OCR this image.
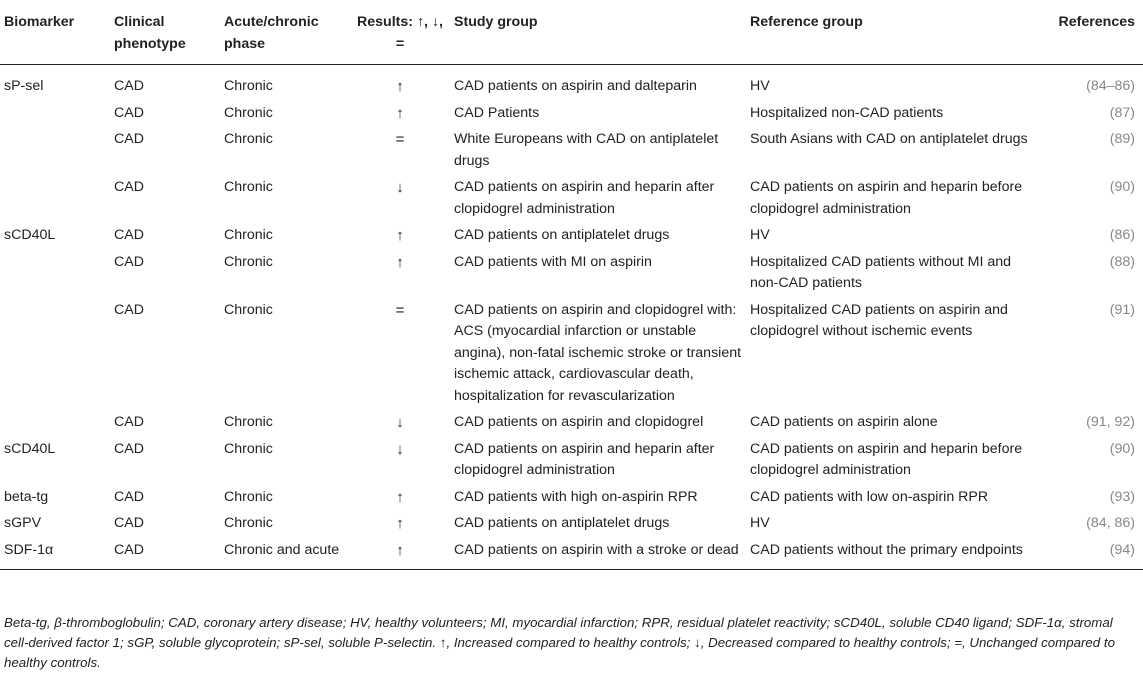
Biomarker	Clinical phenotype	Acute/chronic phase	Results: ↑, ↓, =	Study group	Reference group	References
sP-sel	CAD	Chronic	↑	CAD patients on aspirin and dalteparin	HV	(84–86)
	CAD	Chronic	↑	CAD Patients	Hospitalized non-CAD patients	(87)
	CAD	Chronic	=	White Europeans with CAD on antiplatelet drugs	South Asians with CAD on antiplatelet drugs	(89)
	CAD	Chronic	↓	CAD patients on aspirin and heparin after clopidogrel administration	CAD patients on aspirin and heparin before clopidogrel administration	(90)
sCD40L	CAD	Chronic	↑	CAD patients on antiplatelet drugs	HV	(86)
	CAD	Chronic	↑	CAD patients with MI on aspirin	Hospitalized CAD patients without MI and non-CAD patients	(88)
	CAD	Chronic	=	CAD patients on aspirin and clopidogrel with: ACS (myocardial infarction or unstable angina), non-fatal ischemic stroke or transient ischemic attack, cardiovascular death, hospitalization for revascularization	Hospitalized CAD patients on aspirin and clopidogrel without ischemic events	(91)
	CAD	Chronic	↓	CAD patients on aspirin and clopidogrel	CAD patients on aspirin alone	(91, 92)
sCD40L	CAD	Chronic	↓	CAD patients on aspirin and heparin after clopidogrel administration	CAD patients on aspirin and heparin before clopidogrel administration	(90)
beta-tg	CAD	Chronic	↑	CAD patients with high on-aspirin RPR	CAD patients with low on-aspirin RPR	(93)
sGPV	CAD	Chronic	↑	CAD patients on antiplatelet drugs	HV	(84, 86)
SDF-1α	CAD	Chronic and acute	↑	CAD patients on aspirin with a stroke or dead	CAD patients without the primary endpoints	(94)
Beta-tg, β-thromboglobulin; CAD, coronary artery disease; HV, healthy volunteers; MI, myocardial infarction; RPR, residual platelet reactivity; sCD40L, soluble CD40 ligand; SDF-1α, stromal cell-derived factor 1; sGP, soluble glycoprotein; sP-sel, soluble P-selectin. ↑, Increased compared to healthy controls; ↓, Decreased compared to healthy controls; =, Unchanged compared to healthy controls.
